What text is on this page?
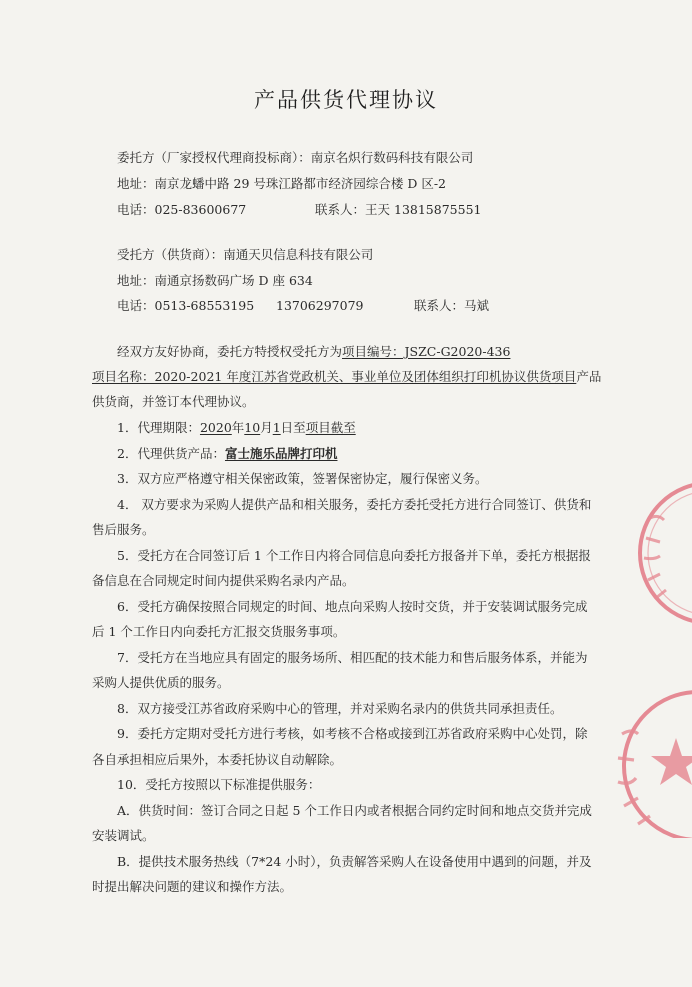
产品供货代理协议
委托方（厂家授权代理商投标商）：南京名炽行数码科技有限公司
地址：南京龙蟠中路 29 号珠江路都市经济园综合楼 D 区-2
电话：025-83600677	联系人：王天 13815875551
受托方（供货商）：南通天贝信息科技有限公司
地址：南通京扬数码广场 D 座 634
电话：0513-68553195 13706297079	联系人：马斌
经双方友好协商，委托方特授权受托方为项目编号：JSZC-G2020-436
项目名称：2020-2021 年度江苏省党政机关、事业单位及团体组织打印机协议供货项目产品
供货商，并签订本代理协议。
1．代理期限：2020年10月1日至项目截至
2．代理供货产品：富士施乐品牌打印机
3．双方应严格遵守相关保密政策，签署保密协定，履行保密义务。
4． 双方要求为采购人提供产品和相关服务，委托方委托受托方进行合同签订、供货和
售后服务。
5．受托方在合同签订后 1 个工作日内将合同信息向委托方报备并下单，委托方根据报
备信息在合同规定时间内提供采购名录内产品。
6．受托方确保按照合同规定的时间、地点向采购人按时交货，并于安装调试服务完成
后 1 个工作日内向委托方汇报交货服务事项。
7．受托方在当地应具有固定的服务场所、相匹配的技术能力和售后服务体系，并能为
采购人提供优质的服务。
8．双方接受江苏省政府采购中心的管理，并对采购名录内的供货共同承担责任。
9．委托方定期对受托方进行考核，如考核不合格或接到江苏省政府采购中心处罚，除
各自承担相应后果外，本委托协议自动解除。
10．受托方按照以下标准提供服务：
A．供货时间：签订合同之日起 5 个工作日内或者根据合同约定时间和地点交货并完成
安装调试。
B．提供技术服务热线（7*24 小时），负责解答采购人在设备使用中遇到的问题，并及
时提出解决问题的建议和操作方法。
